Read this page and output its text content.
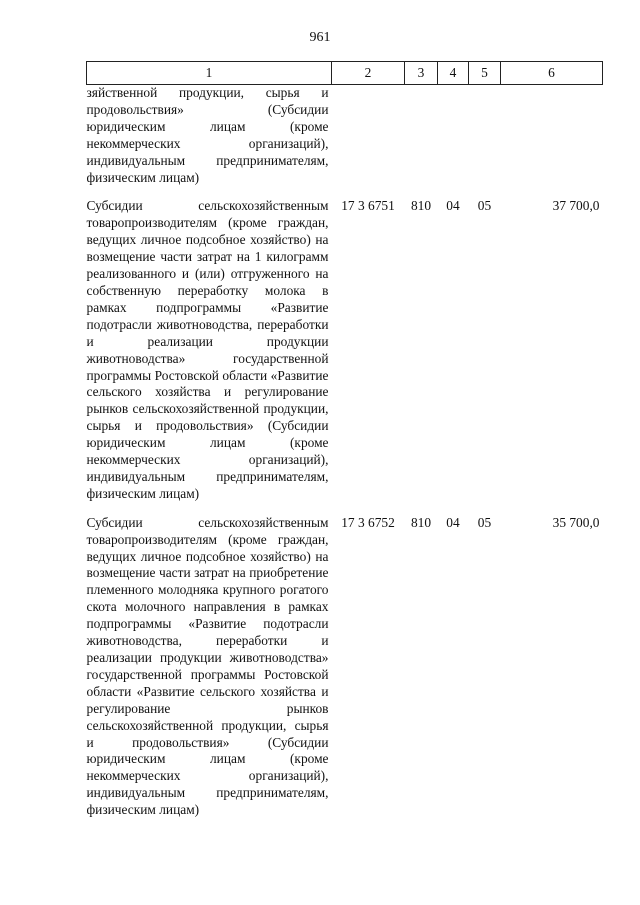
961
1	2	3	4	5	6
зяйственной продукции, сырья и продовольствия» (Субсидии юридическим лицам (кроме некоммерческих организаций), индивидуальным предпринимателям, физическим лицам)					
Субсидии сельскохозяйственным товаропроизводителям (кроме граждан, ведущих личное подсобное хозяйство) на возмещение части затрат на 1 килограмм реализованного и (или) отгруженного на собственную переработку молока в рамках подпрограммы «Развитие подотрасли животноводства, переработки и реализации продукции животноводства» государственной программы Ростовской области «Развитие сельского хозяйства и регулирование рынков сельскохозяйственной продукции, сырья и продовольствия» (Субсидии юридическим лицам (кроме некоммерческих организаций), индивидуальным предпринимателям, физическим лицам)	17 3 6751	810	04	05	37 700,0
Субсидии сельскохозяйственным товаропроизводителям (кроме граждан, ведущих личное подсобное хозяйство) на возмещение части затрат на приобретение племенного молодняка крупного рогатого скота молочного направления в рамках подпрограммы «Развитие подотрасли животноводства, переработки и реализации продукции животноводства» государственной программы Ростовской области «Развитие сельского хозяйства и регулирование рынков сельскохозяйственной продукции, сырья и продовольствия» (Субсидии юридическим лицам (кроме некоммерческих организаций), индивидуальным предпринимателям, физическим лицам)	17 3 6752	810	04	05	35 700,0
